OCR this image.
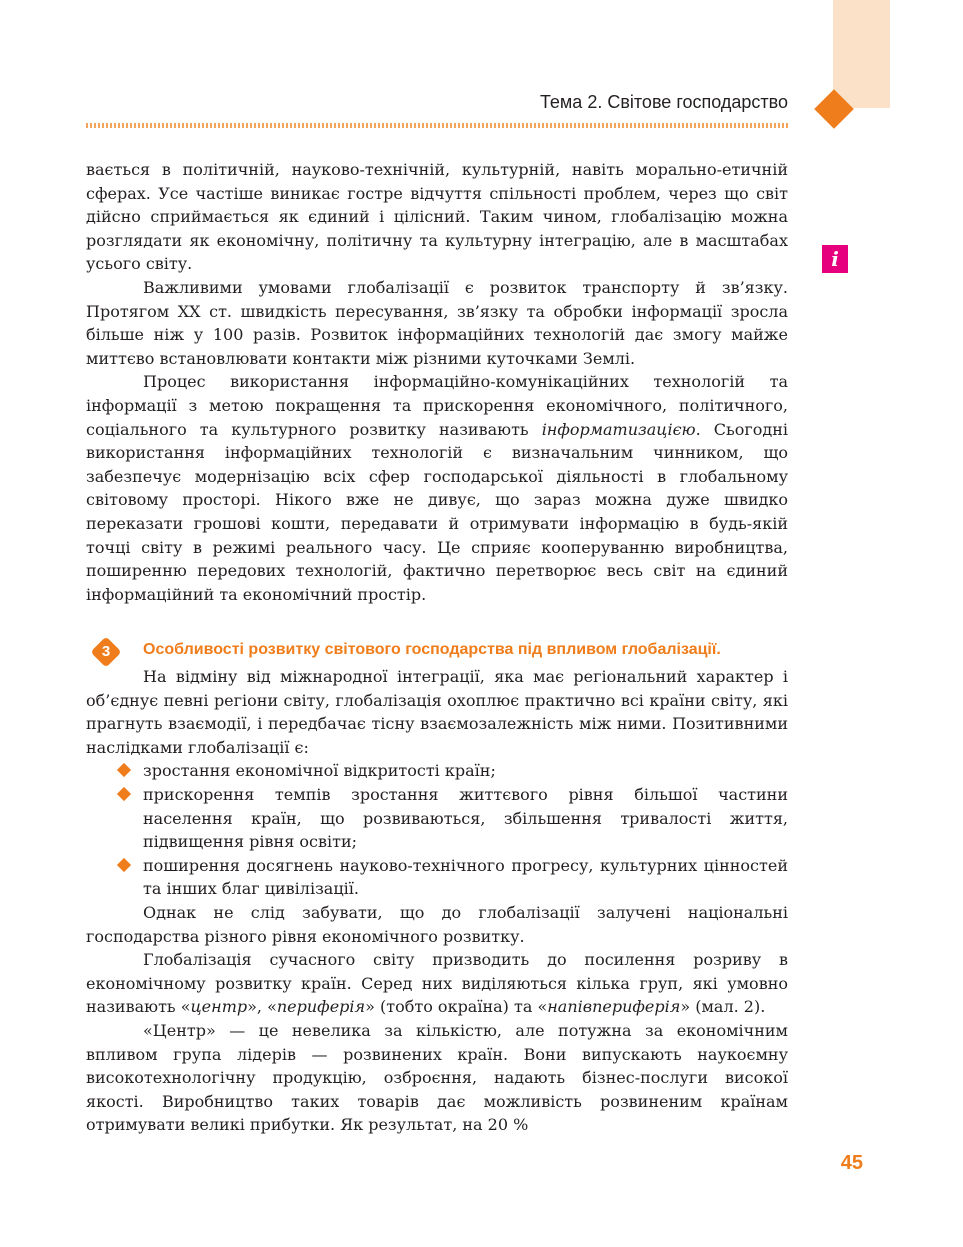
Тема 2. Світове господарство
i

вається в політичній, науково-технічній, культурній, навіть морально-етичній сферах. Усе частіше виникає гостре відчуття спільності проблем, через що світ дійсно сприймається як єдиний і цілісний. Таким чином, глобалізацію можна розглядати як економічну, політичну та культурну інтеграцію, але в масштабах усього світу.

Важливими умовами глобалізації є розвиток транспорту й зв’язку. Протягом ХХ ст. швидкість пересування, зв’язку та обробки інформації зросла більше ніж у 100 разів. Розвиток інформаційних технологій дає змогу майже миттєво встановлювати контакти між різними куточками Землі.

Процес використання інформаційно-комунікаційних технологій та інформації з метою покращення та прискорення економічного, політичного, соціального та культурного розвитку називають інформатизацією. Сьогодні використання інформаційних технологій є визначальним чинником, що забезпечує модернізацію всіх сфер господарської діяльності в глобальному світовому просторі. Нікого вже не дивує, що зараз можна дуже швидко переказати грошові кошти, передавати й отримувати інформацію в будь-якій точці світу в режимі реального часу. Це сприяє кооперуванню виробництва, поширенню передових технологій, фактично перетворює весь світ на єдиний інформаційний та економічний простір.

3	Особливості розвитку світового господарства під впливом глобалізації.

На відміну від міжнародної інтеграції, яка має регіональний характер і об’єднує певні регіони світу, глобалізація охоплює практично всі країни світу, які прагнуть взаємодії, і передбачає тісну взаємозалежність між ними. Позитивними наслідками глобалізації є:

зростання економічної відкритості країн;
прискорення темпів зростання життєвого рівня більшої частини населення країн, що розвиваються, збільшення тривалості життя, підвищення рівня освіти;
поширення досягнень науково-технічного прогресу, культурних цінностей та інших благ цивілізації.

Однак не слід забувати, що до глобалізації залучені національні господарства різного рівня економічного розвитку.

Глобалізація сучасного світу призводить до посилення розриву в економічному розвитку країн. Серед них виділяються кілька груп, які умовно називають «центр», «периферія» (тобто окраїна) та «напівпериферія» (мал. 2).

«Центр» — це невелика за кількістю, але потужна за економічним впливом група лідерів — розвинених країн. Вони випускають наукоємну високотехнологічну продукцію, озброєння, надають бізнес-послуги високої якості. Виробництво таких товарів дає можливість розвиненим країнам отримувати великі прибутки. Як результат, на 20 %

45
